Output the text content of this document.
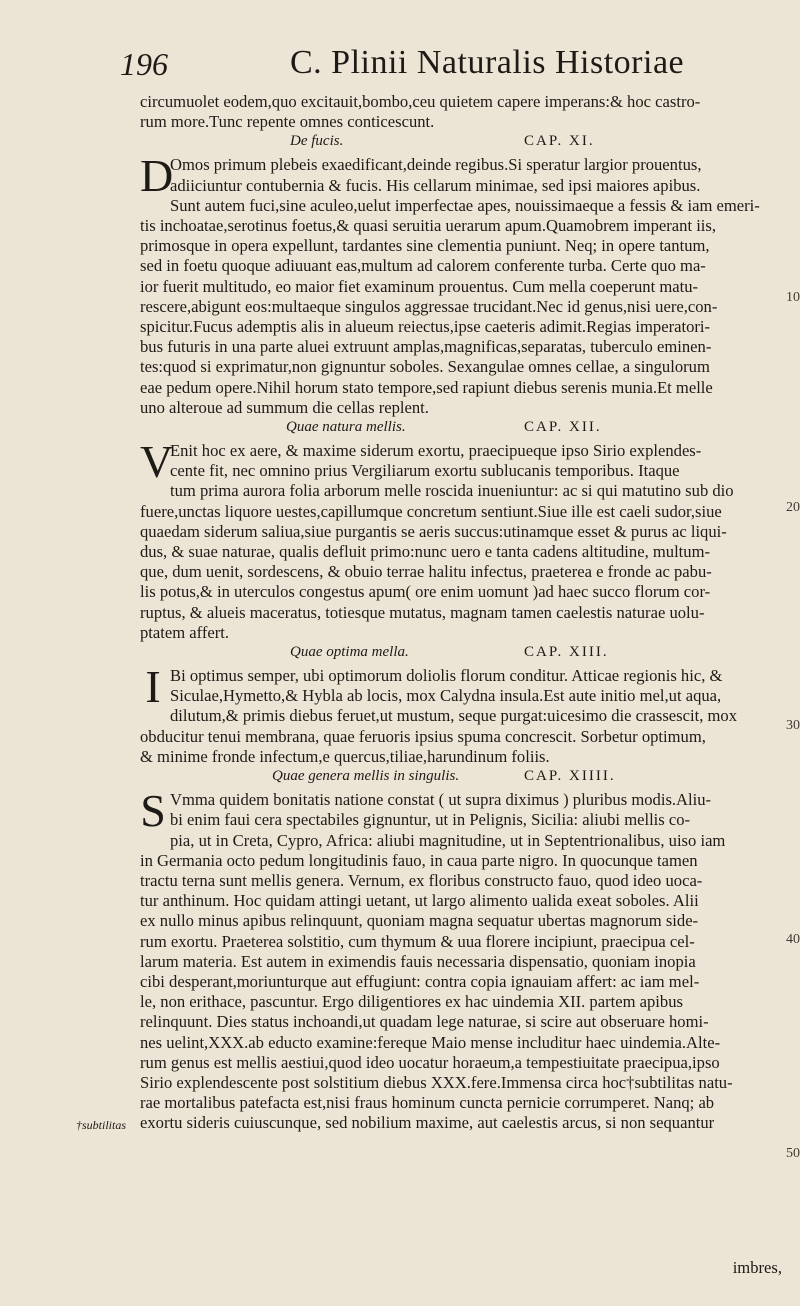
196	C. Plinii Naturalis Historiae
circumuolet eodem,quo excitauit,bombo,ceu quietem capere imperans:& hoc castro-
rum more.Tunc repente omnes conticescunt.
De fucis.	CAP. XI.
D
Omos primum plebeis exaedificant,deinde regibus.Si speratur largior prouentus,
adiiciuntur contubernia & fucis. His cellarum minimae, sed ipsi maiores apibus.
Sunt autem fuci,sine aculeo,uelut imperfectae apes, nouissimaeque a fessis & iam emeri-
tis inchoatae,serotinus foetus,& quasi seruitia uerarum apum.Quamobrem imperant iis,
primosque in opera expellunt, tardantes sine clementia puniunt. Neq; in opere tantum,
sed in foetu quoque adiuuant eas,multum ad calorem conferente turba. Certe quo ma-
ior fuerit multitudo, eo maior fiet examinum prouentus. Cum mella coeperunt matu-
rescere,abigunt eos:multaeque singulos aggressae trucidant.Nec id genus,nisi uere,con-
spicitur.Fucus ademptis alis in alueum reiectus,ipse caeteris adimit.Regias imperatori-
bus futuris in una parte aluei extruunt amplas,magnificas,separatas, tuberculo eminen-
tes:quod si exprimatur,non gignuntur soboles. Sexangulae omnes cellae, a singulorum
eae pedum opere.Nihil horum stato tempore,sed rapiunt diebus serenis munia.Et melle
uno alteroue ad summum die cellas replent.
Quae natura mellis.	CAP. XII.
V
Enit hoc ex aere, & maxime siderum exortu, praecipueque ipso Sirio explendes-
cente fit, nec omnino prius Vergiliarum exortu sublucanis temporibus. Itaque
tum prima aurora folia arborum melle roscida inueniuntur: ac si qui matutino sub dio
fuere,unctas liquore uestes,capillumque concretum sentiunt.Siue ille est caeli sudor,siue
quaedam siderum saliua,siue purgantis se aeris succus:utinamque esset & purus ac liqui-
dus, & suae naturae, qualis defluit primo:nunc uero e tanta cadens altitudine, multum-
que, dum uenit, sordescens, & obuio terrae halitu infectus, praeterea e fronde ac pabu-
lis potus,& in uterculos congestus apum( ore enim uomunt )ad haec succo florum cor-
ruptus, & alueis maceratus, totiesque mutatus, magnam tamen caelestis naturae uolu-
ptatem affert.
Quae optima mella.	CAP. XIII.
I Bi optimus semper, ubi optimorum doliolis florum conditur. Atticae regionis hic, &
Siculae,Hymetto,& Hybla ab locis, mox Calydna insula.Est aute initio mel,ut aqua,
dilutum,& primis diebus feruet,ut mustum, seque purgat:uicesimo die crassescit, mox
obducitur tenui membrana, quae feruoris ipsius spuma concrescit. Sorbetur optimum,
& minime fronde infectum,e quercus,tiliae,harundinum foliis.
Quae genera mellis in singulis.	CAP. XIIII.
S Vmma quidem bonitatis natione constat ( ut supra diximus ) pluribus modis.Aliu-
bi enim faui cera spectabiles gignuntur, ut in Pelignis, Sicilia: aliubi mellis co-
pia, ut in Creta, Cypro, Africa: aliubi magnitudine, ut in Septentrionalibus, uiso iam
in Germania octo pedum longitudinis fauo, in caua parte nigro. In quocunque tamen
tractu terna sunt mellis genera. Vernum, ex floribus constructo fauo, quod ideo uoca-
tur anthinum. Hoc quidam attingi uetant, ut largo alimento ualida exeat soboles. Alii
ex nullo minus apibus relinquunt, quoniam magna sequatur ubertas magnorum side-
rum exortu. Praeterea solstitio, cum thymum & uua florere incipiunt, praecipua cel-
larum materia. Est autem in eximendis fauis necessaria dispensatio, quoniam inopia
cibi desperant,moriunturque aut effugiunt: contra copia ignauiam affert: ac iam mel-
le, non erithace, pascuntur. Ergo diligentiores ex hac uindemia XII. partem apibus
relinquunt. Dies status inchoandi,ut quadam lege naturae, si scire aut obseruare homi-
nes uelint,XXX.ab educto examine:fereque Maio mense includitur haec uindemia.Alte-
rum genus est mellis aestiui,quod ideo uocatur horaeum,a tempestiuitate praecipua,ipso
Sirio explendescente post solstitium diebus XXX.fere.Immensa circa hoc†subtilitas natu-
rae mortalibus patefacta est,nisi fraus hominum cuncta pernicie corrumperet. Nanq; ab
exortu sideris cuiuscunque, sed nobilium maxime, aut caelestis arcus, si non sequantur
10
20
30
40
50
†subtilitas
imbres,
